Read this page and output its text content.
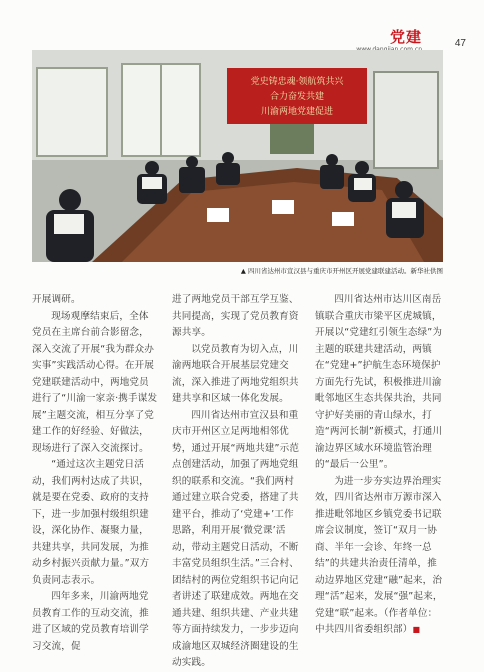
党建	47
党史铸忠魂·领航筑共兴
合力奋发共建
川渝两地党建促进
▲ 四川省达州市宣汉县与重庆市开州区开展党建联建活动。新华社供图

开展调研。

现场观摩结束后，全体党员在主席台前合影留念，深入交流了开展“我为群众办实事”实践活动心得。在开展党建联建活动中，两地党员进行了“川渝一家亲·携手谋发展”主题交流，相互分享了党建工作的好经验、好做法，现场进行了深入交流探讨。

“通过这次主题党日活动，我们两村达成了共识，就是要在党委、政府的支持下，进一步加强村级组织建设，深化协作、凝聚力量，共建共享，共同发展，为推动乡村振兴贡献力量。”双方负责同志表示。

四年多来，川渝两地党员教育工作的互动交流，推进了区域的党员教育培训学习交流，促

进了两地党员干部互学互鉴、共同提高，实现了党员教育资源共享。

以党员教育为切入点，川渝两地联合开展基层党建交流，深入推进了两地党组织共建共享和区域一体化发展。

四川省达州市宣汉县和重庆市开州区立足两地相邻优势，通过开展“两地共建”示范点创建活动，加强了两地党组织的联系和交流。“我们两村通过建立联合党委，搭建了共建平台，推动了‘党建+’工作思路，利用开展‘微党课’活动，带动主题党日活动，不断丰富党员组织生活。”三合村、团结村的两位党组织书记向记者讲述了联建成效。两地在交通共建、组织共建、产业共建等方面持续发力，一步步迈向成渝地区双城经济圈建设的生动实践。

四川省达州市达川区南岳镇联合重庆市梁平区虎城镇，开展以“党建红引领生态绿”为主题的联建共建活动，两镇在“党建+”护航生态环境保护方面先行先试，积极推进川渝毗邻地区生态共保共治，共同守护好美丽的青山绿水，打造“两河长制”新模式，打通川渝边界区域水环境监管治理的“最后一公里”。

为进一步夯实边界治理实效，四川省达州市万源市深入推进毗邻地区乡镇党委书记联席会议制度，签订“双月一协商、半年一会诊、年终一总结”的共建共治责任清单，推动边界地区党建“融”起来，治理“活”起来，发展“强”起来，党建“联”起来。（作者单位：中共四川省委组织部）■
